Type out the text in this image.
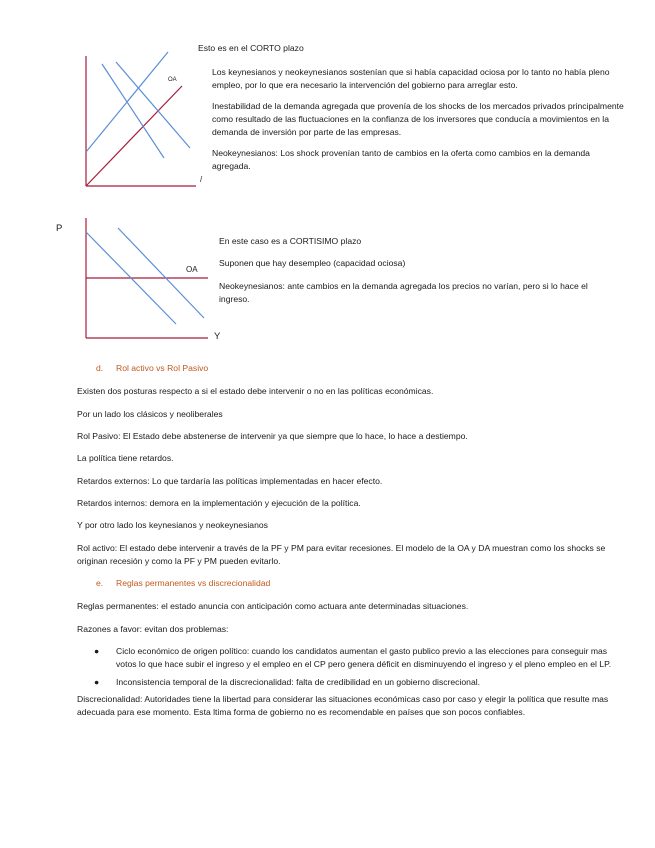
OA
/

Esto es en el CORTO plazo

Los keynesianos y neokeynesianos sostenían que si había capacidad ociosa por lo tanto no había pleno empleo, por lo que era necesario la intervención del gobierno para arreglar esto.

Inestabilidad de la demanda agregada que provenía de los shocks de los mercados privados principalmente como resultado de las fluctuaciones en la confianza de los inversores que conducía a movimientos en la demanda de inversión por parte de las empresas.

Neokeynesianos: Los shock provenían tanto de cambios en la oferta como cambios en la demanda agregada.

P
OA
Y

En este caso es a CORTISIMO plazo

Suponen que hay desempleo (capacidad ociosa)

Neokeynesianos: ante cambios en la demanda agregada los precios no varían, pero si lo hace el ingreso.

d. Rol activo vs Rol Pasivo

Existen dos posturas respecto a si el estado debe intervenir o no en las políticas económicas.

Por un lado los clásicos y neoliberales

Rol Pasivo: El Estado debe abstenerse de intervenir ya que siempre que lo hace, lo hace a destiempo.

La política tiene retardos.

Retardos externos: Lo que tardaría las políticas implementadas en hacer efecto.

Retardos internos: demora en la implementación y ejecución de la política.

Y por otro lado los keynesianos y neokeynesianos

Rol activo: El estado debe intervenir a través de la PF y PM para evitar recesiones. El modelo de la OA y DA muestran como los shocks se originan recesión y como la PF y PM pueden evitarlo.

e. Reglas permanentes vs discrecionalidad

Reglas permanentes: el estado anuncia con anticipación como actuara ante determinadas situaciones.

Razones a favor: evitan dos problemas:

● Ciclo económico de origen político: cuando los candidatos aumentan el gasto publico previo a las elecciones para conseguir mas votos lo que hace subir el ingreso y el empleo en el CP pero genera déficit en disminuyendo el ingreso y el pleno empleo en el LP.
● Inconsistencia temporal de la discrecionalidad: falta de credibilidad en un gobierno discrecional.

Discrecionalidad: Autoridades tiene la libertad para considerar las situaciones económicas caso por caso y elegir la política que resulte mas adecuada para ese momento. Esta ltima forma de gobierno no es recomendable en países que son pocos confiables.
